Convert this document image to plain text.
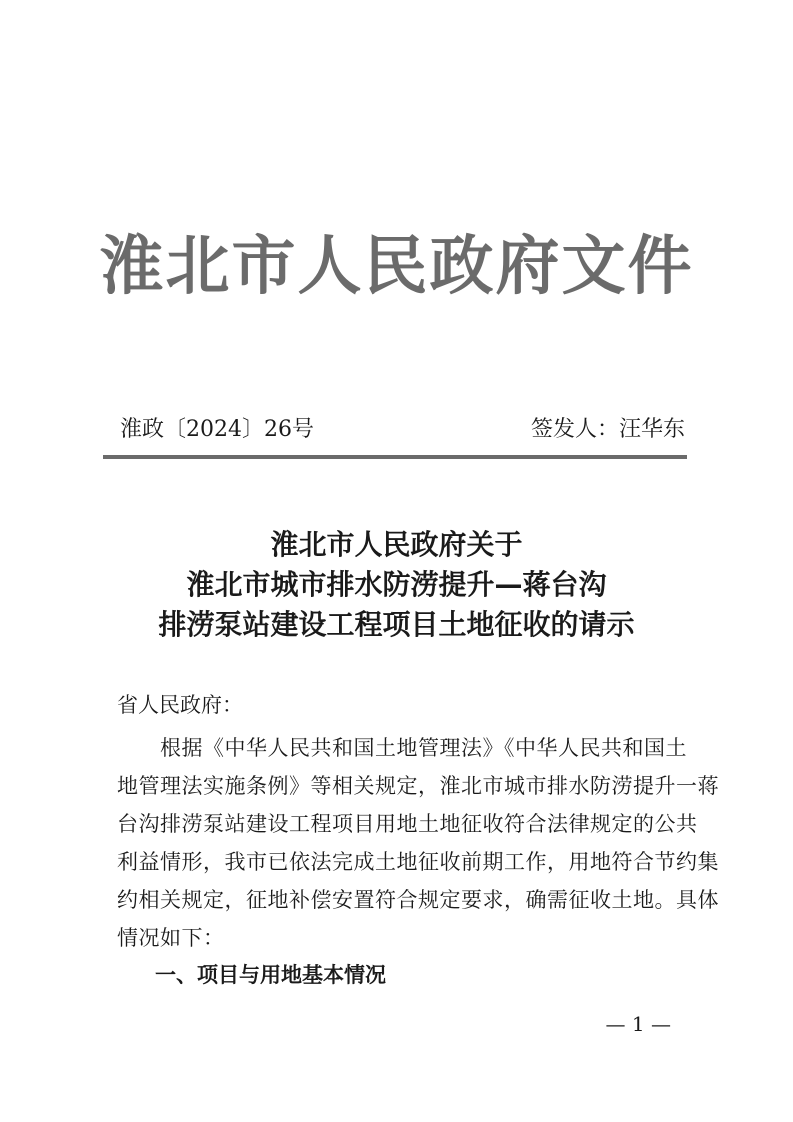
淮北市人民政府文件
淮政〔2024〕26号	签发人：汪华东
淮北市人民政府关于
淮北市城市排水防涝提升—蒋台沟
排涝泵站建设工程项目土地征收的请示
省人民政府：
　　根据《中华人民共和国土地管理法》《中华人民共和国土
地管理法实施条例》等相关规定，淮北市城市排水防涝提升一蒋
台沟排涝泵站建设工程项目用地土地征收符合法律规定的公共
利益情形，我市已依法完成土地征收前期工作，用地符合节约集
约相关规定，征地补偿安置符合规定要求，确需征收土地。具体
情况如下：
一、项目与用地基本情况
— 1 —
